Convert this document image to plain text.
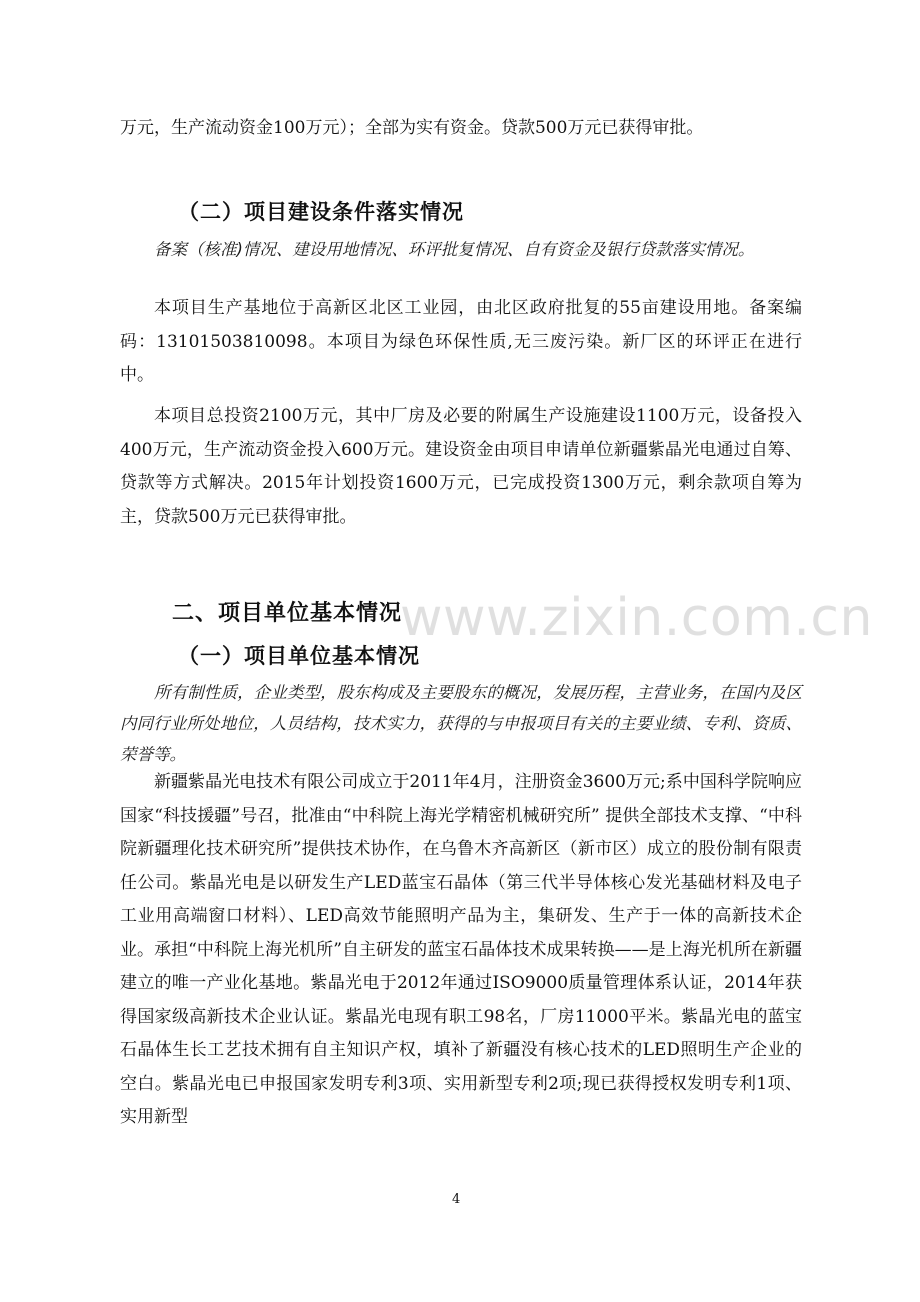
万元，生产流动资金100万元）；全部为实有资金。贷款500万元已获得审批。

（二）项目建设条件落实情况

备案（核准)情况、建设用地情况、环评批复情况、自有资金及银行贷款落实情况。

本项目生产基地位于高新区北区工业园，由北区政府批复的55亩建设用地。备案编码：13101503810098。本项目为绿色环保性质,无三废污染。新厂区的环评正在进行中。

本项目总投资2100万元，其中厂房及必要的附属生产设施建设1100万元，设备投入400万元，生产流动资金投入600万元。建设资金由项目申请单位新疆紫晶光电通过自筹、贷款等方式解决。2015年计划投资1600万元，已完成投资1300万元，剩余款项自筹为主，贷款500万元已获得审批。

二、项目单位基本情况
（一）项目单位基本情况

所有制性质，企业类型，股东构成及主要股东的概况，发展历程，主营业务，在国内及区内同行业所处地位，人员结构，技术实力，获得的与申报项目有关的主要业绩、专利、资质、荣誉等。

新疆紫晶光电技术有限公司成立于2011年4月，注册资金3600万元;系中国科学院响应国家“科技援疆”号召，批准由“中科院上海光学精密机械研究所” 提供全部技术支撑、“中科院新疆理化技术研究所”提供技术协作，在乌鲁木齐高新区（新市区）成立的股份制有限责任公司。紫晶光电是以研发生产LED蓝宝石晶体（第三代半导体核心发光基础材料及电子工业用高端窗口材料）、LED高效节能照明产品为主，集研发、生产于一体的高新技术企业。承担“中科院上海光机所”自主研发的蓝宝石晶体技术成果转换——是上海光机所在新疆建立的唯一产业化基地。紫晶光电于2012年通过ISO9000质量管理体系认证，2014年获得国家级高新技术企业认证。紫晶光电现有职工98名，厂房11000平米。紫晶光电的蓝宝石晶体生长工艺技术拥有自主知识产权，填补了新疆没有核心技术的LED照明生产企业的空白。紫晶光电已申报国家发明专利3项、实用新型专利2项;现已获得授权发明专利1项、实用新型

www.zixin.com.cn
4
